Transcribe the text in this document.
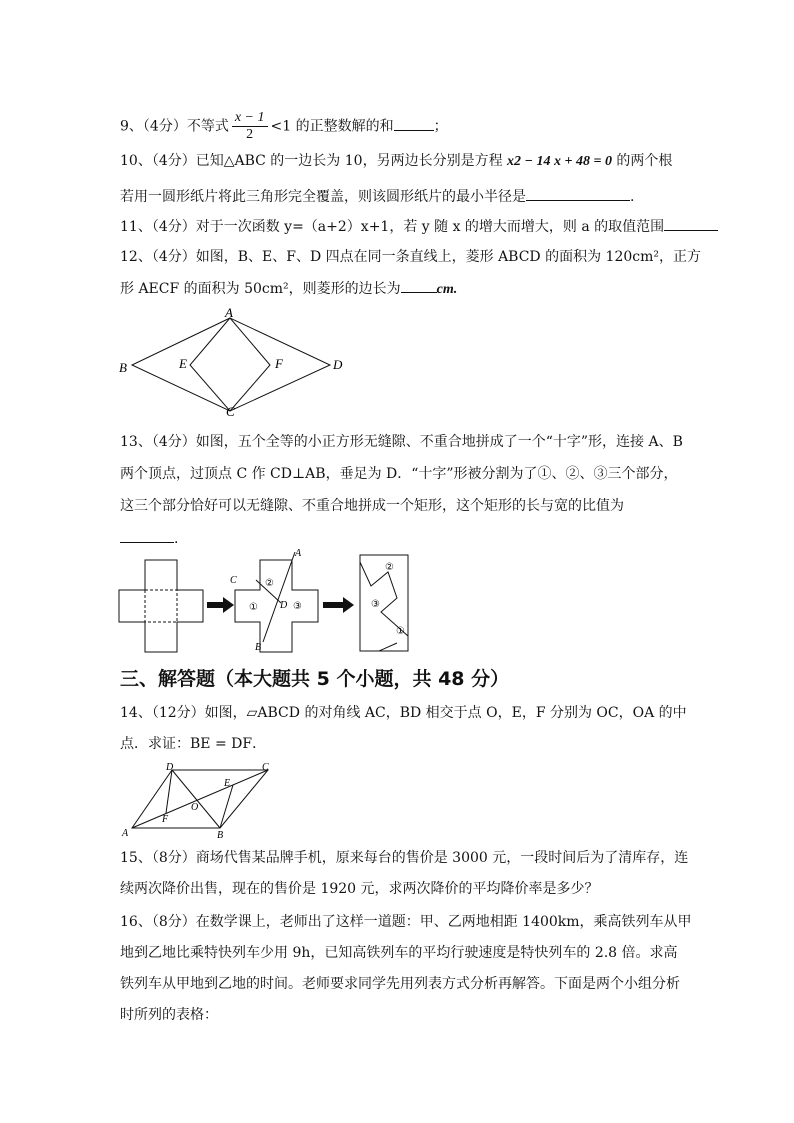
9、（4分）不等式 $\frac{x - 1}{2} <1$ 的正整数解的和	；
10、（4分）已知△ABC 的一边长为 10，另两边长分别是方程 x2 − 14 x + 48 = 0 的两个根
若用一圆形纸片将此三角形完全覆盖，则该圆形纸片的最小半径是	.
11、（4分）对于一次函数 y=（a+2）x+1，若 y 随 x 的增大而增大，则 a 的取值范围
12、（4分）如图，B、E、F、D 四点在同一条直线上，菱形 ABCD 的面积为 120cm²，正方
形 AECF 的面积为 50cm²，则菱形的边长为	cm.
A
B	E	F	D
C
13、（4分）如图，五个全等的小正方形无缝隙、不重合地拼成了一个“十字”形，连接 A、B
两个顶点，过顶点 C 作 CD⊥AB，垂足为 D．“十字”形被分割为了①、②、③三个部分，
这三个部分恰好可以无缝隙、不重合地拼成一个矩形，这个矩形的长与宽的比值为
.
A
C
D
B
②
①	③
②
③
①
三、解答题（本大题共 5 个小题，共 48 分）
14、（12分）如图，▱ABCD 的对角线 AC，BD 相交于点 O，E，F 分别为 OC，OA 的中
点．求证：BE = DF．
D	C
E
O
F
A	B
15、（8分）商场代售某品牌手机，原来每台的售价是 3000 元，一段时间后为了清库存，连
续两次降价出售，现在的售价是 1920 元，求两次降价的平均降价率是多少？
16、（8分）在数学课上，老师出了这样一道题：甲、乙两地相距 1400km，乘高铁列车从甲
地到乙地比乘特快列车少用 9h，已知高铁列车的平均行驶速度是特快列车的 2.8 倍。求高
铁列车从甲地到乙地的时间。老师要求同学先用列表方式分析再解答。下面是两个小组分析
时所列的表格：
